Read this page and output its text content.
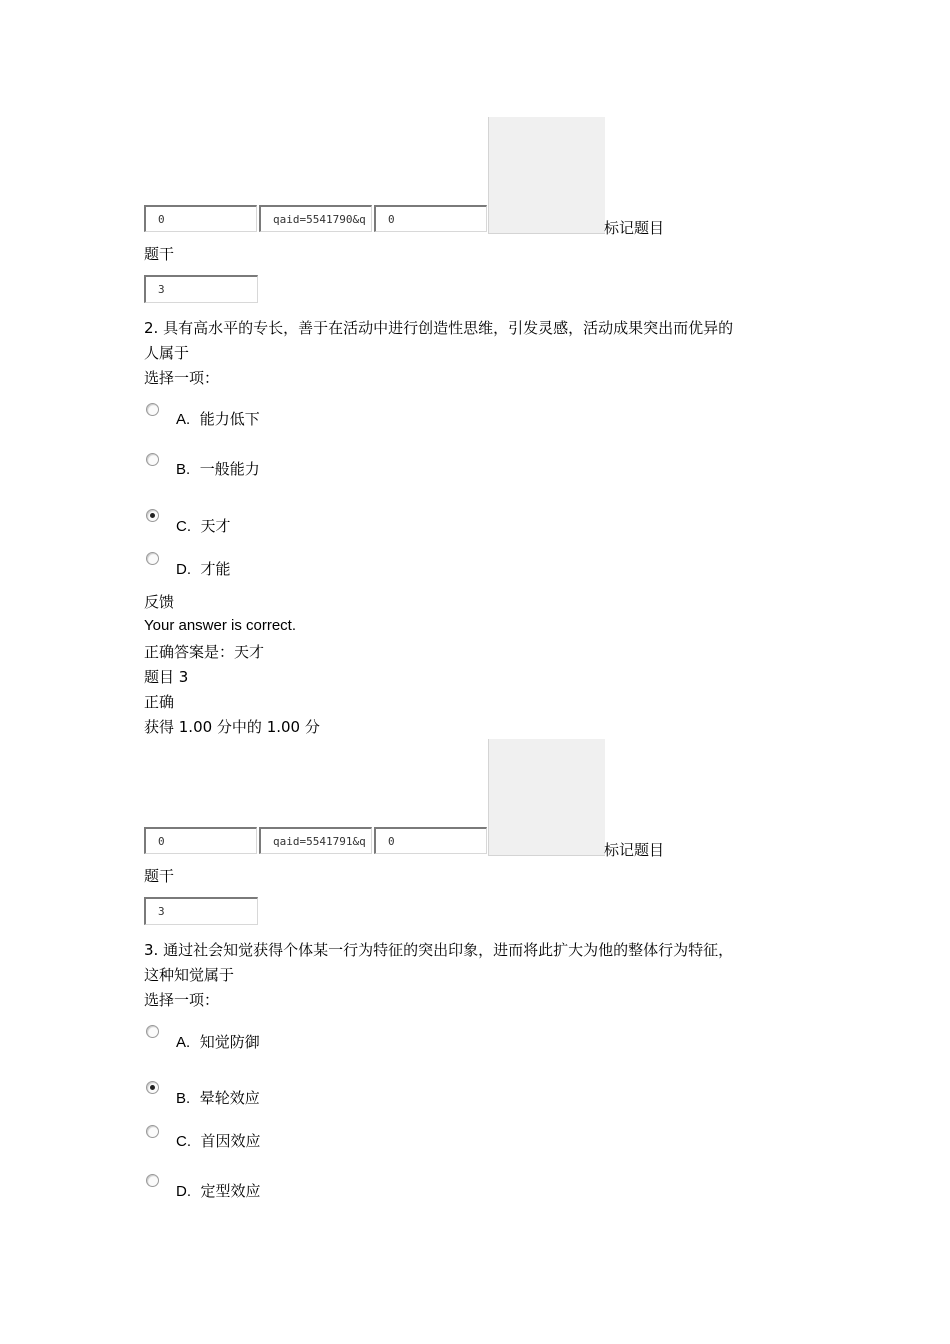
0	qaid=5541790&q	0	标记题目
题干
3
2. 具有高水平的专长，善于在活动中进行创造性思维，引发灵感，活动成果突出而优异的
人属于
选择一项：
A. 能力低下
B. 一般能力
C. 天才
D. 才能
反馈
Your answer is correct.
正确答案是：天才
题目 3
正确
获得 1.00 分中的 1.00 分
0	qaid=5541791&q	0	标记题目
题干
3
3. 通过社会知觉获得个体某一行为特征的突出印象，进而将此扩大为他的整体行为特征，
这种知觉属于
选择一项：
A. 知觉防御
B. 晕轮效应
C. 首因效应
D. 定型效应
